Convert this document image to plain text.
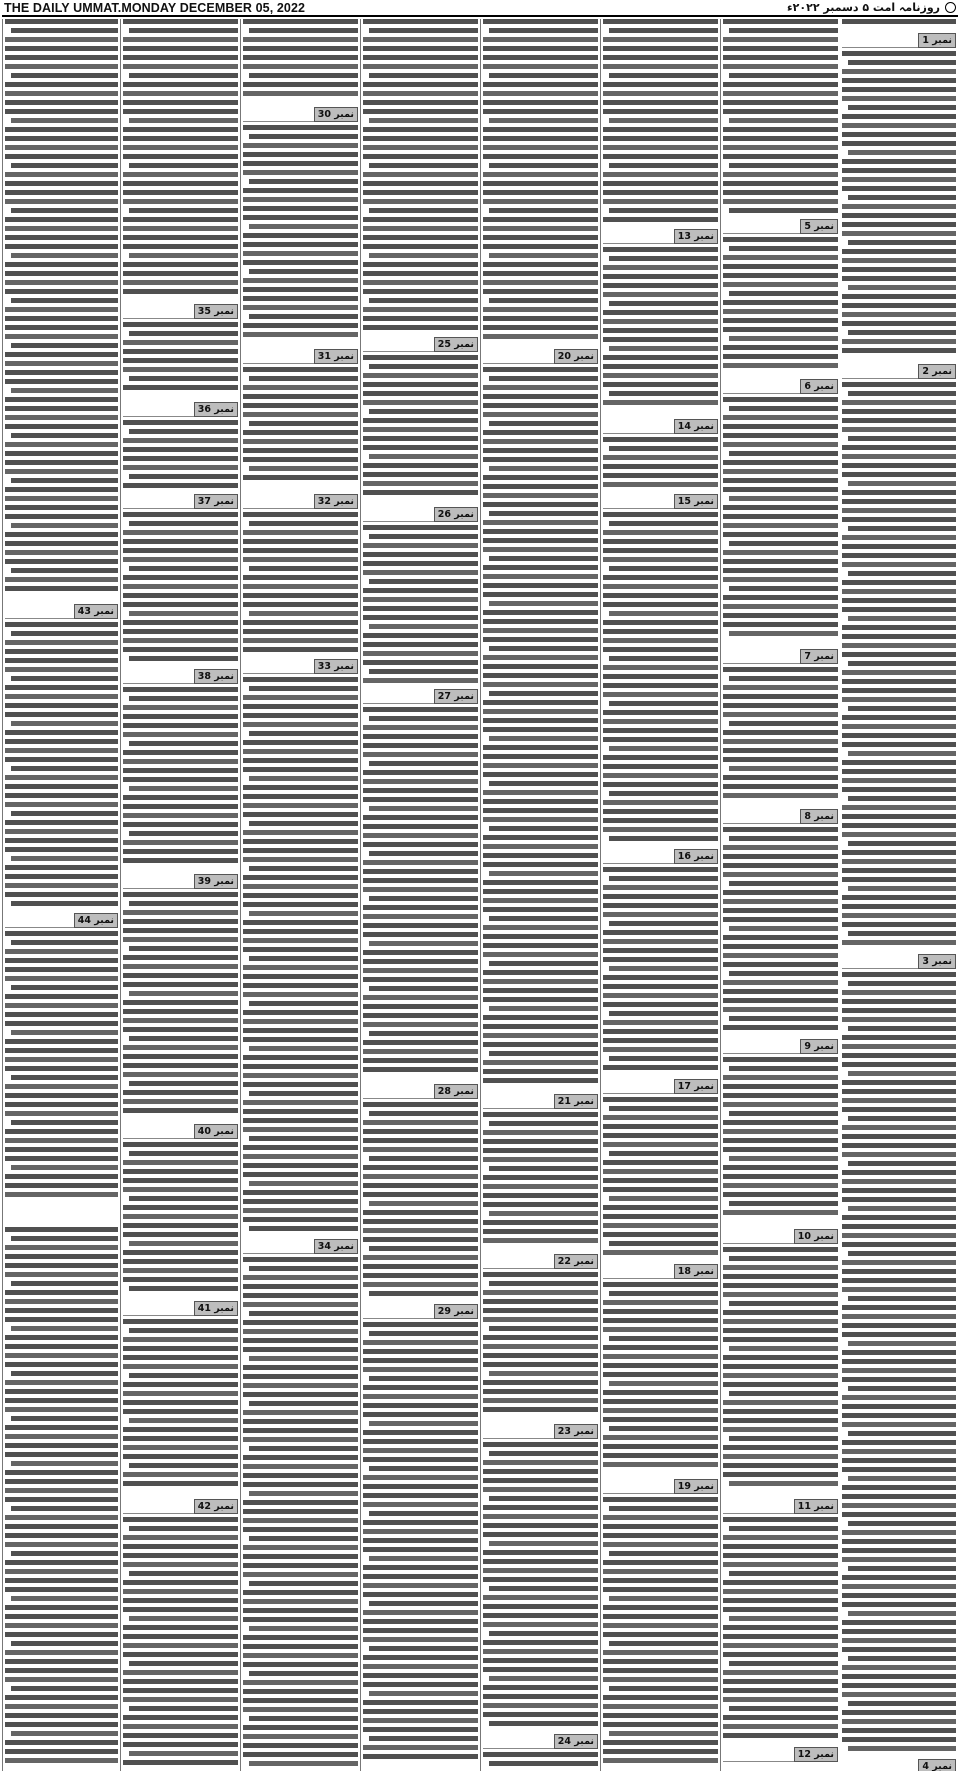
THE DAILY UMMAT.MONDAY DECEMBER 05, 2022	روزنامہ امت ۵ دسمبر ۲۰۲۲ء
نمبر 1
نمبر 2
نمبر 3
نمبر 4
نمبر 5
نمبر 6
نمبر 7
نمبر 8
نمبر 9
نمبر 10
نمبر 11
نمبر 12
نمبر 13
نمبر 14
نمبر 15
نمبر 16
نمبر 17
نمبر 18
نمبر 19
نمبر 20
نمبر 21
نمبر 22
نمبر 23
نمبر 24
نمبر 25
نمبر 26
نمبر 27
نمبر 28
نمبر 29
نمبر 30
نمبر 31
نمبر 32
نمبر 33
نمبر 34
نمبر 35
نمبر 36
نمبر 37
نمبر 38
نمبر 39
نمبر 40
نمبر 41
نمبر 42
نمبر 43
نمبر 44
